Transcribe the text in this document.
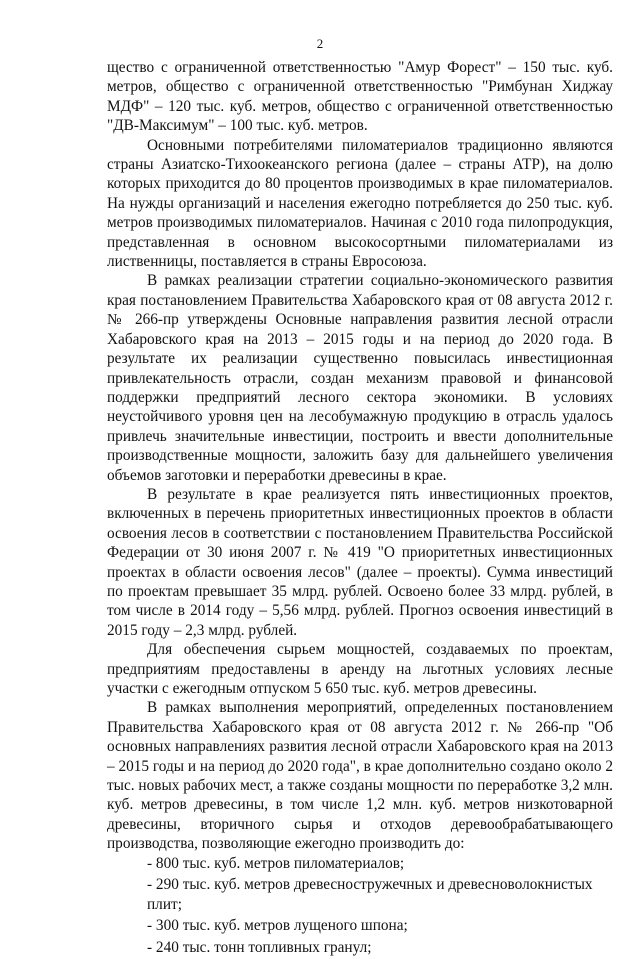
2

щество с ограниченной ответственностью "Амур Форест" – 150 тыс. куб. метров, общество с ограниченной ответственностью "Римбунан Хиджау МДФ" – 120 тыс. куб. метров, общество с ограниченной ответственностью "ДВ-Максимум" – 100 тыс. куб. метров.

Основными потребителями пиломатериалов традиционно являются страны Азиатско-Тихоокеанского региона (далее – страны АТР), на долю которых приходится до 80 процентов производимых в крае пиломатериалов. На нужды организаций и населения ежегодно потребляется до 250 тыс. куб. метров производимых пиломатериалов. Начиная с 2010 года пилопродукция, представленная в основном высокосортными пиломатериалами из лиственницы, поставляется в страны Евросоюза.

В рамках реализации стратегии социально-экономического развития края постановлением Правительства Хабаровского края от 08 августа 2012 г. № 266-пр утверждены Основные направления развития лесной отрасли Хабаровского края на 2013 – 2015 годы и на период до 2020 года. В результате их реализации существенно повысилась инвестиционная привлекательность отрасли, создан механизм правовой и финансовой поддержки предприятий лесного сектора экономики. В условиях неустойчивого уровня цен на лесобумажную продукцию в отрасль удалось привлечь значительные инвестиции, построить и ввести дополнительные производственные мощности, заложить базу для дальнейшего увеличения объемов заготовки и переработки древесины в крае.

В результате в крае реализуется пять инвестиционных проектов, включенных в перечень приоритетных инвестиционных проектов в области освоения лесов в соответствии с постановлением Правительства Российской Федерации от 30 июня 2007 г. № 419 "О приоритетных инвестиционных проектах в области освоения лесов" (далее – проекты). Сумма инвестиций по проектам превышает 35 млрд. рублей. Освоено более 33 млрд. рублей, в том числе в 2014 году – 5,56 млрд. рублей. Прогноз освоения инвестиций в 2015 году – 2,3 млрд. рублей.

Для обеспечения сырьем мощностей, создаваемых по проектам, предприятиям предоставлены в аренду на льготных условиях лесные участки с ежегодным отпуском 5 650 тыс. куб. метров древесины.

В рамках выполнения мероприятий, определенных постановлением Правительства Хабаровского края от 08 августа 2012 г. № 266-пр "Об основных направлениях развития лесной отрасли Хабаровского края на 2013 – 2015 годы и на период до 2020 года", в крае дополнительно создано около 2 тыс. новых рабочих мест, а также созданы мощности по переработке 3,2 млн. куб. метров древесины, в том числе 1,2 млн. куб. метров низкотоварной древесины, вторичного сырья и отходов деревообрабатывающего производства, позволяющие ежегодно производить до:

- 800 тыс. куб. метров пиломатериалов;
- 290 тыс. куб. метров древесностружечных и древесноволокнистых плит;
- 300 тыс. куб. метров лущеного шпона;
- 240 тыс. тонн топливных гранул;
